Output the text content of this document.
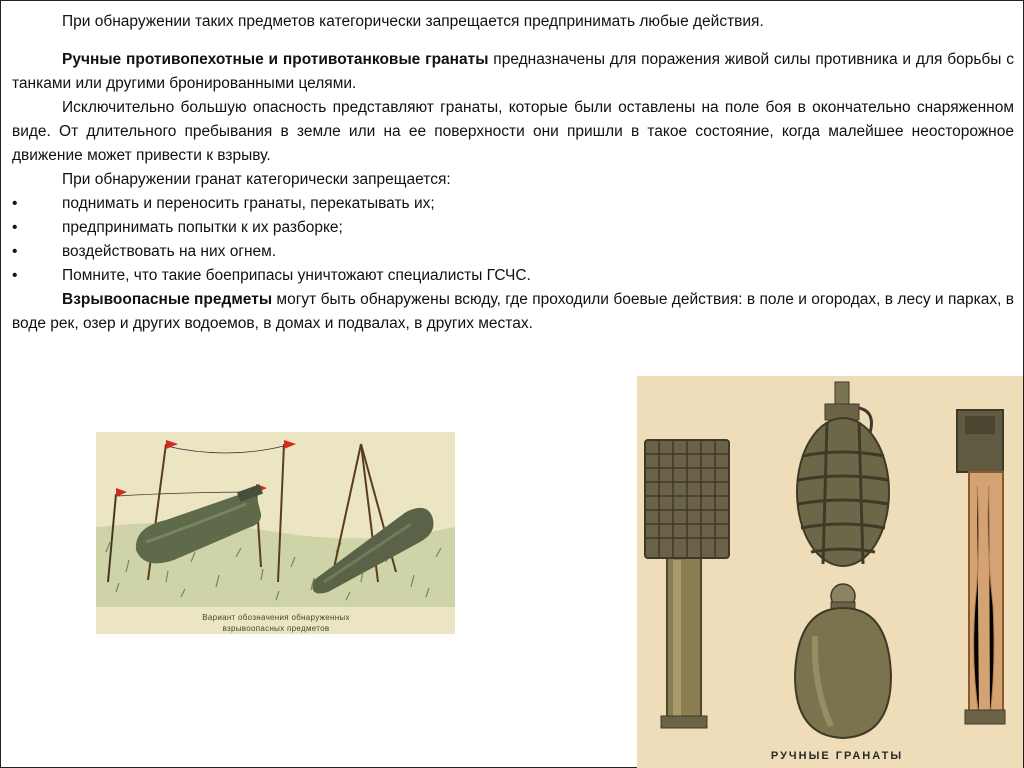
При обнаружении таких предметов категорически запрещается предпринимать любые действия.

Ручные противопехотные и противотанковые гранаты предназначены для поражения живой силы противника и для борьбы с танками или другими бронированными целями.

Исключительно большую опасность представляют гранаты, которые были оставлены на поле боя в окончательно снаряженном виде. От длительного пребывания в земле или на ее поверхности они пришли в такое состояние, когда малейшее неосторожное движение может привести к взрыву.

При обнаружении гранат категорически запрещается:

•	поднимать и переносить гранаты, перекатывать их;
•	предпринимать попытки к их разборке;
•	воздействовать на них огнем.
•	Помните, что такие боеприпасы уничтожают специалисты ГСЧС.

Взрывоопасные предметы могут быть обнаружены всюду, где проходили боевые действия: в поле и огородах, в лесу и парках, в воде рек, озер и других водоемов, в домах и подвалах, в других местах.

Вариант обозначения обнаруженных
взрывоопасных предметов
РУЧНЫЕ ГРАНАТЫ
